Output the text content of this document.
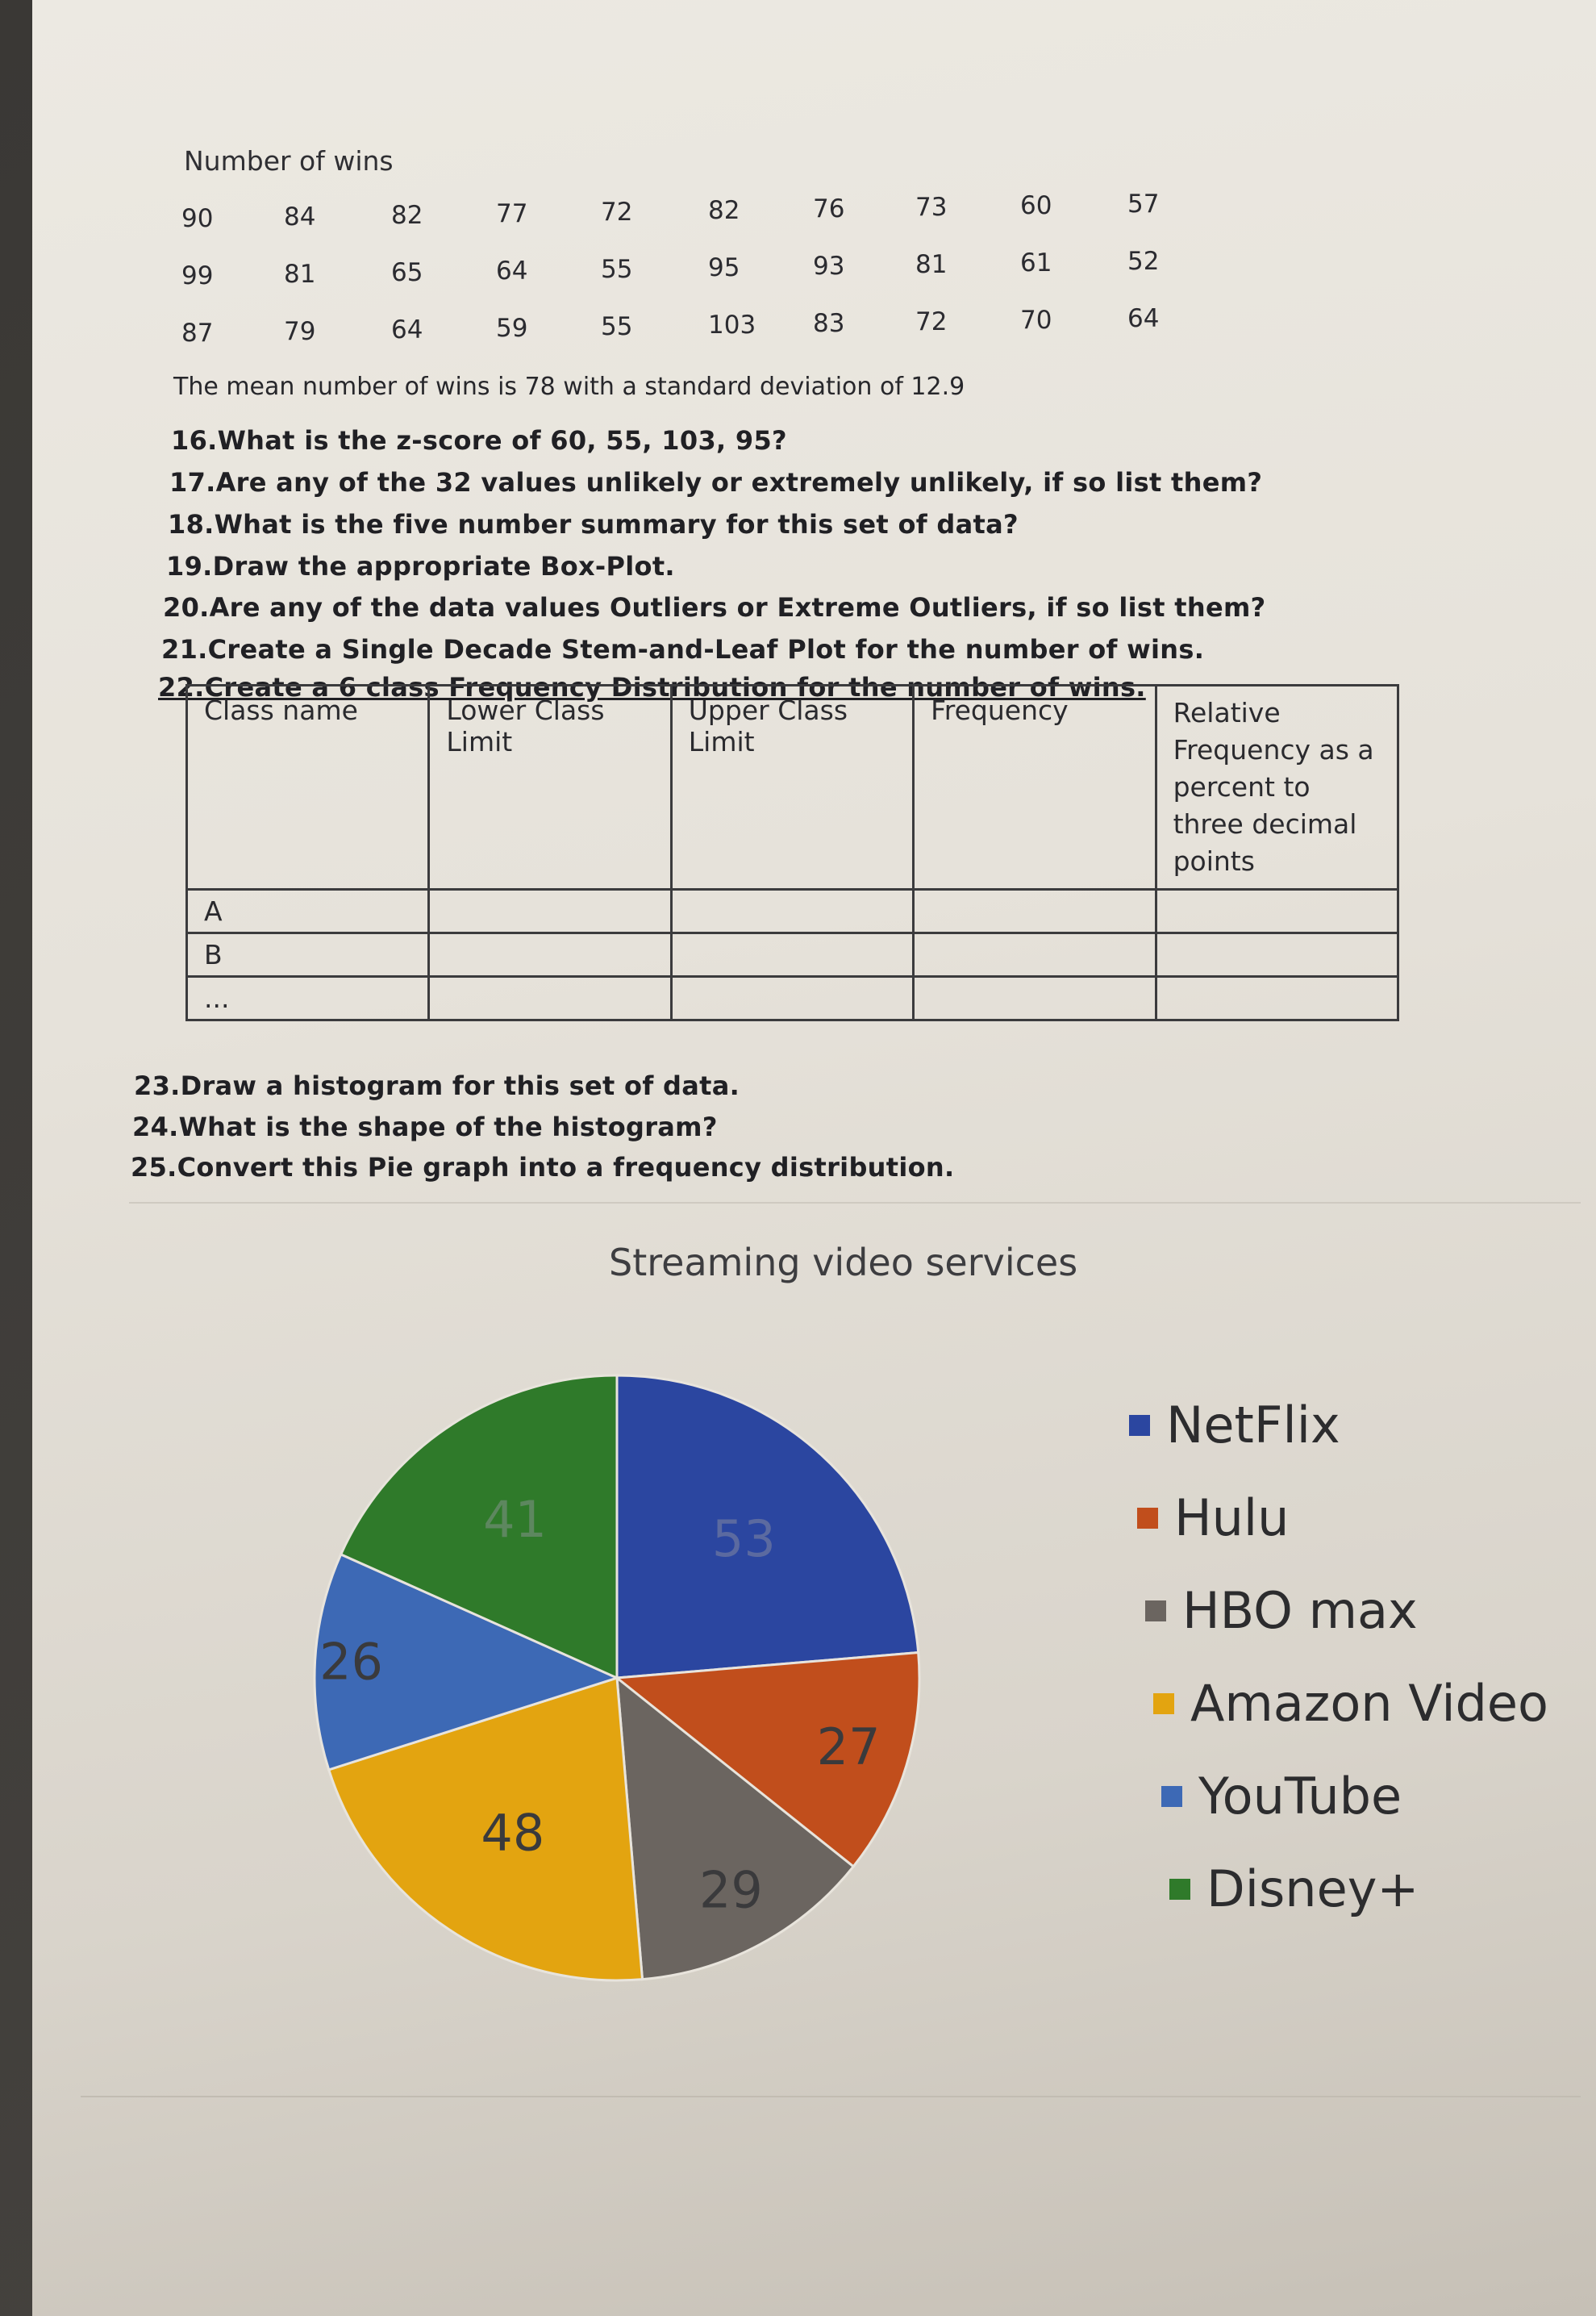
Number of wins
90	84	82	77	72	82	76	73	60	57
99	81	65	64	55	95	93	81	61	52
87	79	64	59	55	103 83	72	70	64
The mean number of wins is 78 with a standard deviation of 12.9
16.What is the z-score of 60, 55, 103, 95?
17.Are any of the 32 values unlikely or extremely unlikely, if so list them?
18.What is the five number summary for this set of data?
19.Draw the appropriate Box-Plot.
20.Are any of the data values Outliers or Extreme Outliers, if so list them?
21.Create a Single Decade Stem-and-Leaf Plot for the number of wins.
22.Create a 6 class Frequency Distribution for the number of wins.
Class name	Lower Class Limit	Upper Class Limit	Frequency	Relative Frequency as a percent to three decimal points
A				
B				
...				
23.Draw a histogram for this set of data.
24.What is the shape of the histogram?
25.Convert this Pie graph into a frequency distribution.
Streaming video services
53
27
29
48
26
41
NetFlix
Hulu
HBO max
Amazon Video
YouTube
Disney+
